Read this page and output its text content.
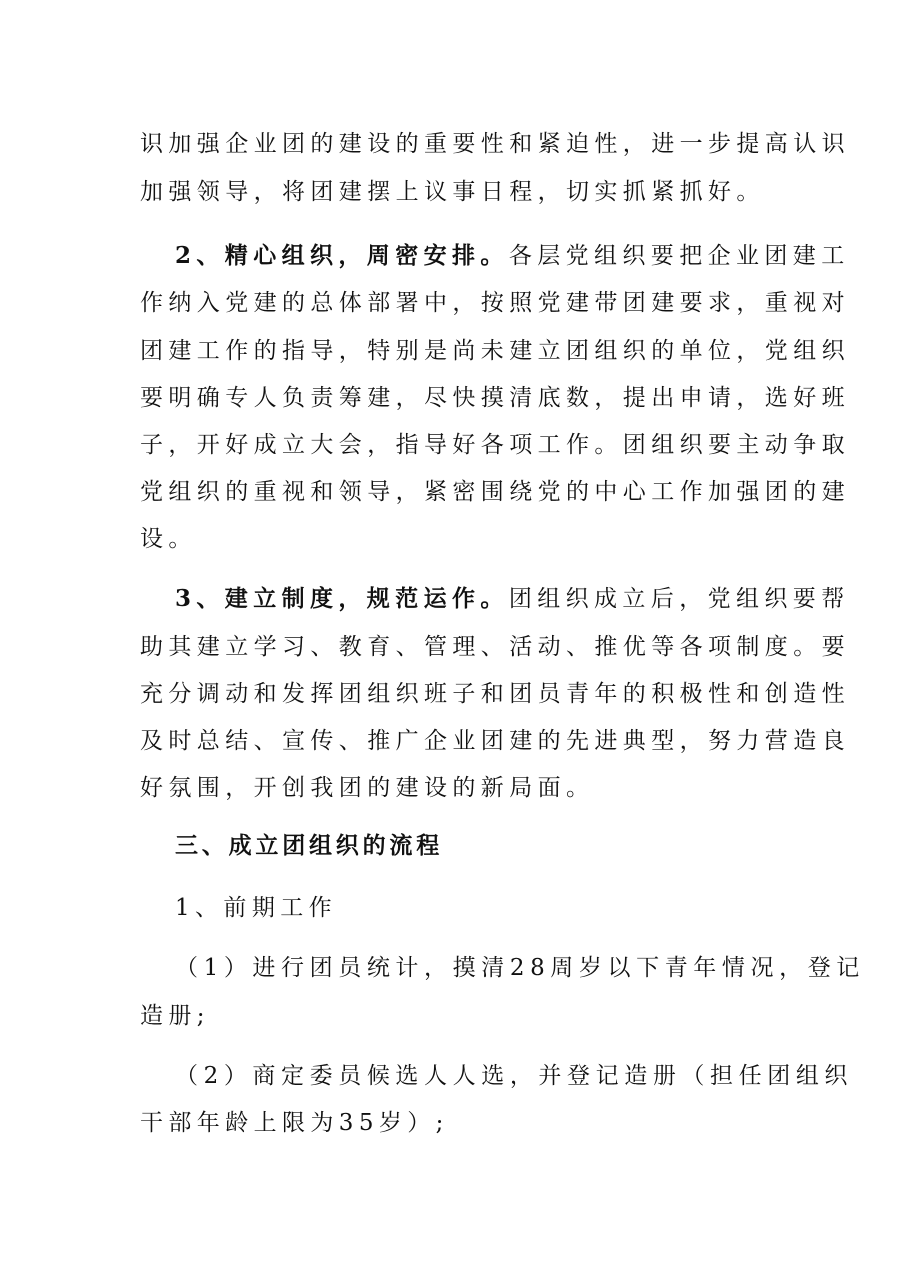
识加强企业团的建设的重要性和紧迫性，进一步提高认识
加强领导，将团建摆上议事日程，切实抓紧抓好。
2、精心组织，周密安排。各层党组织要把企业团建工
作纳入党建的总体部署中，按照党建带团建要求，重视对
团建工作的指导，特别是尚未建立团组织的单位，党组织
要明确专人负责筹建，尽快摸清底数，提出申请，选好班
子，开好成立大会，指导好各项工作。团组织要主动争取
党组织的重视和领导，紧密围绕党的中心工作加强团的建
设。
3、建立制度，规范运作。团组织成立后，党组织要帮
助其建立学习、教育、管理、活动、推优等各项制度。要
充分调动和发挥团组织班子和团员青年的积极性和创造性
及时总结、宣传、推广企业团建的先进典型，努力营造良
好氛围，开创我团的建设的新局面。
三、成立团组织的流程
1、前期工作
（1）进行团员统计，摸清28周岁以下青年情况，登记
造册;
（2）商定委员候选人人选，并登记造册（担任团组织
干部年龄上限为35岁）;
